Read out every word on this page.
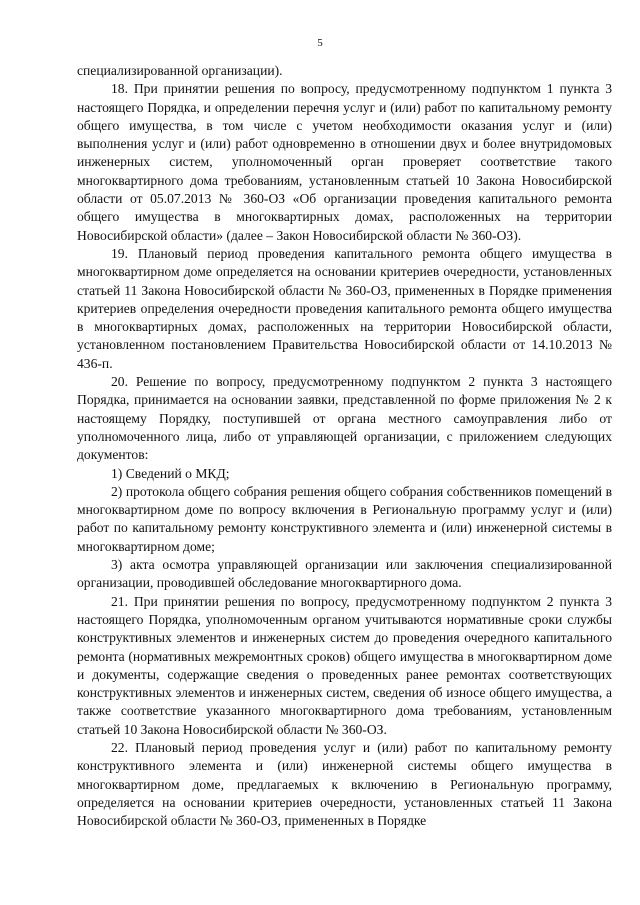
5

специализированной организации).

18. При принятии решения по вопросу, предусмотренному подпунктом 1 пункта 3 настоящего Порядка, и определении перечня услуг и (или) работ по капитальному ремонту общего имущества, в том числе с учетом необходимости оказания услуг и (или) выполнения услуг и (или) работ одновременно в отношении двух и более внутридомовых инженерных систем, уполномоченный орган проверяет соответствие такого многоквартирного дома требованиям, установленным статьей 10 Закона Новосибирской области от 05.07.2013 № 360-ОЗ «Об организации проведения капитального ремонта общего имущества в многоквартирных домах, расположенных на территории Новосибирской области» (далее – Закон Новосибирской области № 360-ОЗ).

19. Плановый период проведения капитального ремонта общего имущества в многоквартирном доме определяется на основании критериев очередности, установленных статьей 11 Закона Новосибирской области № 360-ОЗ, примененных в Порядке применения критериев определения очередности проведения капитального ремонта общего имущества в многоквартирных домах, расположенных на территории Новосибирской области, установленном постановлением Правительства Новосибирской области от 14.10.2013 № 436-п.

20. Решение по вопросу, предусмотренному подпунктом 2 пункта 3 настоящего Порядка, принимается на основании заявки, представленной по форме приложения № 2 к настоящему Порядку, поступившей от органа местного самоуправления либо от уполномоченного лица, либо от управляющей организации, с приложением следующих документов:

1) Сведений о МКД;

2) протокола общего собрания решения общего собрания собственников помещений в многоквартирном доме по вопросу включения в Региональную программу услуг и (или) работ по капитальному ремонту конструктивного элемента и (или) инженерной системы в многоквартирном доме;

3) акта осмотра управляющей организации или заключения специализированной организации, проводившей обследование многоквартирного дома.

21. При принятии решения по вопросу, предусмотренному подпунктом 2 пункта 3 настоящего Порядка, уполномоченным органом учитываются нормативные сроки службы конструктивных элементов и инженерных систем до проведения очередного капитального ремонта (нормативных межремонтных сроков) общего имущества в многоквартирном доме и документы, содержащие сведения о проведенных ранее ремонтах соответствующих конструктивных элементов и инженерных систем, сведения об износе общего имущества, а также соответствие указанного многоквартирного дома требованиям, установленным статьей 10 Закона Новосибирской области № 360-ОЗ.

22. Плановый период проведения услуг и (или) работ по капитальному ремонту конструктивного элемента и (или) инженерной системы общего имущества в многоквартирном доме, предлагаемых к включению в Региональную программу, определяется на основании критериев очередности, установленных статьей 11 Закона Новосибирской области № 360-ОЗ, примененных в Порядке
